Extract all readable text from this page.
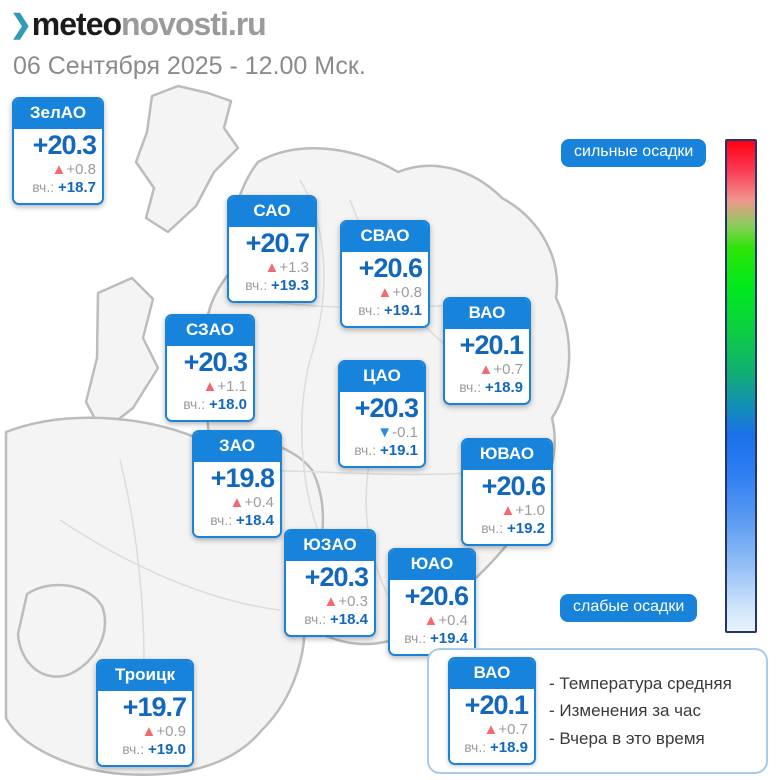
❯meteonovosti.ru
06 Сентября 2025 - 12.00 Мск.
сильные осадки
слабые осадки
ЗелАО
+20.3
▲+0.8
вч.: +18.7
САО
+20.7
▲+1.3
вч.: +19.3
СВАО
+20.6
▲+0.8
вч.: +19.1	ВАО
+20.1
▲+0.7
вч.: +18.9
СЗАО
+20.3
▲+1.1
вч.: +18.0
ЦАО
+20.3
▼-0.1
вч.: +19.1	ЮВАО
+20.6
▲+1.0
вч.: +19.2
ЗАО
+19.8
▲+0.4
вч.: +18.4
ЮЗАО
+20.3
▲+0.3
вч.: +18.4
ЮАО
+20.6
▲+0.4
вч.: +19.4
Троицк
+19.7
▲+0.9
вч.: +19.0
ВАО
+20.1
▲+0.7
вч.: +18.9
- Температура средняя
- Изменения за час
- Вчера в это время
